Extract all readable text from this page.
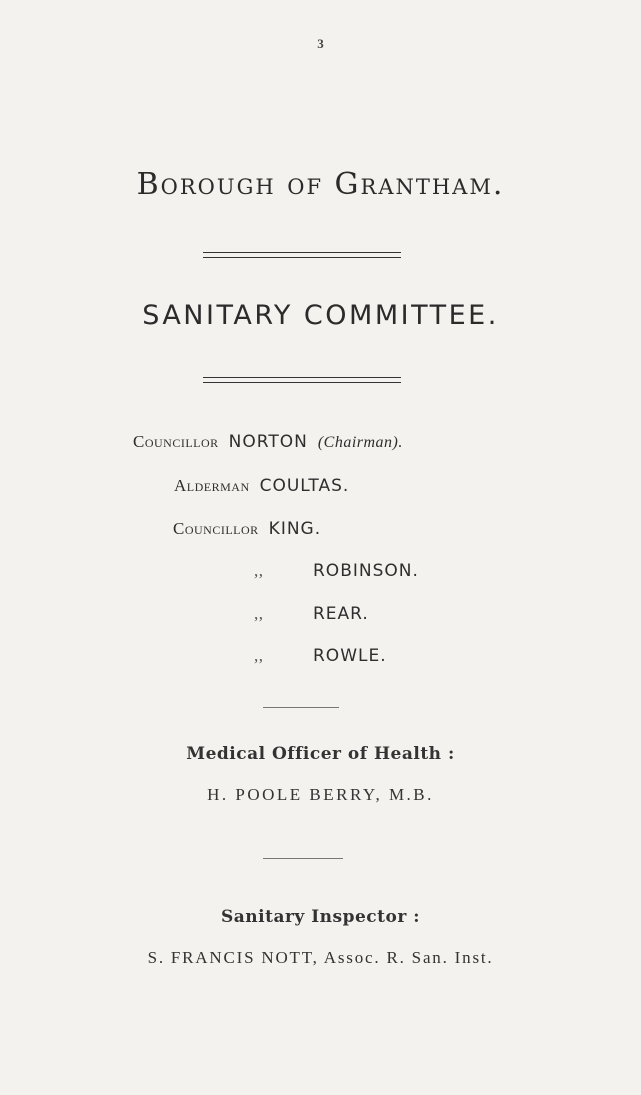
3
Borough of Grantham.
SANITARY COMMITTEE.
Councillor NORTON (Chairman).
Alderman COULTAS.
Councillor KING.
,,	ROBINSON.
,,	REAR.
,,	ROWLE.
Medical Officer of Health :
H. POOLE BERRY, M.B.
Sanitary Inspector :
S. FRANCIS NOTT, Assoc. R. San. Inst.
